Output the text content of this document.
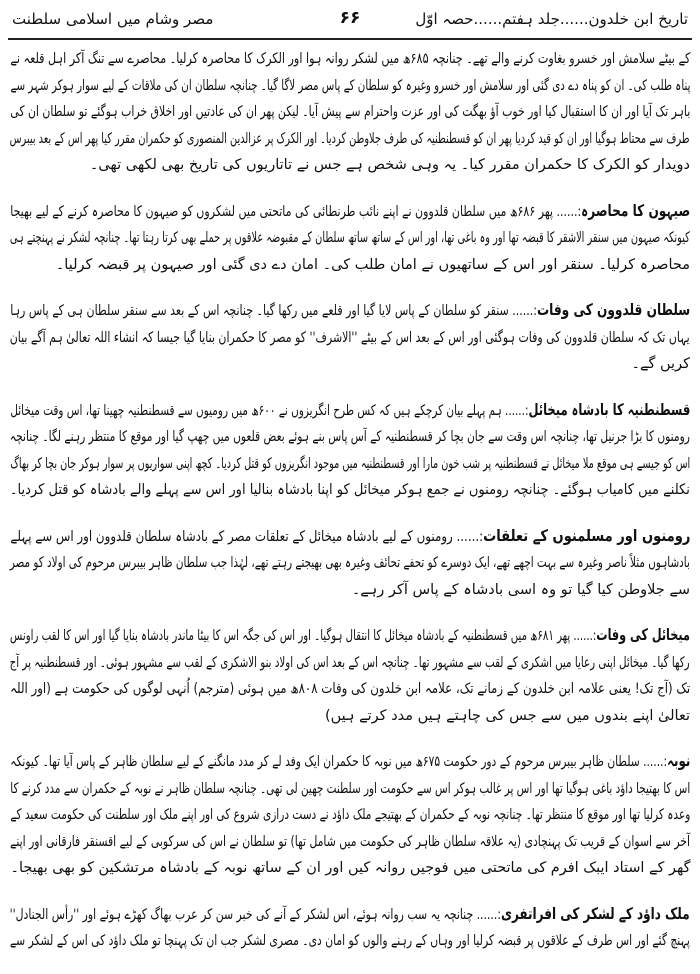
تاریخ ابن خلدون......جلد ہفتم......حصہ اوّل
۶۶
مصر وشام میں اسلامی سلطنت
کے بیٹے سلامش اور خسرو بغاوت کرنے والے تھے۔ چنانچہ ۶۸۵ھ میں لشکر روانہ ہوا اور الکرک کا محاصرہ کرلیا۔ محاصرے سے تنگ آکر اہل قلعہ نے
پناہ طلب کی۔ ان کو پناہ دے دی گئی اور سلامش اور خسرو وغیرہ کو سلطان کے پاس مصر لاگا گیا۔ چنانچہ سلطان ان کی ملاقات کے لیے سوار ہوکر شہر سے
باہر تک آیا اور ان کا استقبال کیا اور خوب آؤ بھگت کی اور عزت واحترام سے پیش آیا۔ لیکن پھر ان کی عادتیں اور اخلاق خراب ہوگئے تو سلطان ان کی
طرف سے محتاط ہوگیا اور ان کو قید کردیا پھر ان کو قسطنطنیہ کی طرف جلاوطن کردیا۔ اور الکرک پر عزالدین المنصوری کو حکمران مقرر کیا پھر اس کے بعد بیبرس
دویدار کو الکرک کا حکمران مقرر کیا۔ یہ وہی شخص ہے جس نے تاتاریوں کی تاریخ بھی لکھی تھی۔
صیہون کا محاصرہ:...... پھر ۶۸۶ھ میں سلطان قلدوون نے اپنے نائب طرنطائی کی ماتحتی میں لشکروں کو صیہون کا محاصرہ کرنے کے لیے بھیجا
کیونکہ صیہون میں سنقر الاشقر کا قبضہ تھا اور وہ باغی تھا، اور اس کے ساتھ ساتھ سلطان کے مقبوضہ علاقوں پر حملے بھی کرتا رہتا تھا۔ چنانچہ لشکر نے پہنچتے ہی
محاصرہ کرلیا۔ سنقر اور اس کے ساتھیوں نے امان طلب کی۔ امان دے دی گئی اور صیہون پر قبضہ کرلیا۔
سلطان قلدوون کی وفات:...... سنقر کو سلطان کے پاس لایا گیا اور قلعے میں رکھا گیا۔ چنانچہ اس کے بعد سے سنقر سلطان ہی کے پاس رہا
یہاں تک کہ سلطان قلدوون کی وفات ہوگئی اور اس کے بعد اس کے بیٹے ''الاشرف'' کو مصر کا حکمران بنایا گیا جیسا کہ انشاء اللہ تعالیٰ ہم آگے بیان
کریں گے۔
قسطنطنیہ کا بادشاہ میخائل:...... ہم پہلے بیان کرچکے ہیں کہ کس طرح انگریزوں نے ۶۰۰ھ میں رومیوں سے قسطنطنیہ چھینا تھا، اس وقت میخائل
رومنوں کا بڑا جرنیل تھا، چنانچہ اس وقت سے جان بچا کر قسطنطنیہ کے آس پاس بنے ہوئے بعض قلعوں میں چھپ گیا اور موقع کا منتظر رہنے لگا۔ چنانچہ
اس کو جیسے ہی موقع ملا میخائل نے قسطنطنیہ پر شب خون مارا اور قسطنطنیہ میں موجود انگریزوں کو قتل کردیا۔ کچھ اپنی سواریوں پر سوار ہوکر جان بچا کر بھاگ
نکلنے میں کامیاب ہوگئے۔ چنانچہ رومنوں نے جمع ہوکر میخائل کو اپنا بادشاہ بنالیا اور اس سے پہلے والے بادشاہ کو قتل کردیا۔
رومنوں اور مسلمنوں کے تعلقات:...... رومنوں کے لیے بادشاہ میخائل کے تعلقات مصر کے بادشاہ سلطان قلدوون اور اس سے پہلے
بادشاہوں مثلاً ناصر وغیرہ سے بہت اچھے تھے، ایک دوسرے کو تحفے تحائف وغیرہ بھی بھیجتے رہتے تھے، لہٰذا جب سلطان ظاہر بیبرس مرحوم کی اولاد کو مصر
سے جلاوطن کیا گیا تو وہ اسی بادشاہ کے پاس آکر رہے۔
میخائل کی وفات:...... پھر ۶۸۱ھ میں قسطنطنیہ کے بادشاہ میخائل کا انتقال ہوگیا۔ اور اس کی جگہ اس کا بیٹا ماندر بادشاہ بنایا گیا اور اس کا لقب راونس
رکھا گیا۔ میخائل اپنی رعایا میں اشکری کے لقب سے مشہور تھا۔ چنانچہ اس کے بعد اس کی اولاد بنو الاشکری کے لقب سے مشہور ہوئی۔ اور قسطنطنیہ پر آج
تک (آج تک! یعنی علامہ ابن خلدون کے زمانے تک، علامہ ابن خلدون کی وفات ۸۰۸ھ میں ہوئی (مترجم) اُنہی لوگوں کی حکومت ہے (اور اللہ
تعالیٰ اپنے بندوں میں سے جس کی چاہتے ہیں مدد کرتے ہیں)
نوبہ:...... سلطان ظاہر بیبرس مرحوم کے دور حکومت ۶۷۵ھ میں نوبہ کا حکمران ایک وفد لے کر مدد مانگنے کے لیے سلطان ظاہر کے پاس آیا تھا۔ کیونکہ
اس کا بھتیجا داؤد باغی ہوگیا تھا اور اس پر غالب ہوکر اس سے حکومت اور سلطنت چھین لی تھی۔ چنانچہ سلطان ظاہر نے نوبہ کے حکمران سے مدد کرنے کا
وعدہ کرلیا تھا اور موقع کا منتظر تھا۔ چنانچہ نوبہ کے حکمران کے بھتیجے ملک داؤد نے دست درازی شروع کی اور اپنے ملک اور سلطنت کی حکومت سعید کے
آخر سے اسوان کے قریب تک پہنچادی (یہ علاقہ سلطان ظاہر کی حکومت میں شامل تھا) تو سلطان نے اس کی سرکوبی کے لیے اقسنقر فارقانی اور اپنے
گھر کے استاد ایبک افرم کی ماتحتی میں فوجیں روانہ کیں اور ان کے ساتھ نوبہ کے بادشاہ مرتشکین کو بھی بھیجا۔
ملک داؤد کے لشکر کی افراتفری:...... چنانچہ یہ سب روانہ ہوئے، اس لشکر کے آنے کی خبر سن کر عرب بھاگ کھڑے ہوئے اور ''رأس الجنادل''
پہنچ گئے اور اس طرف کے علاقوں پر قبضہ کرلیا اور وہاں کے رہنے والوں کو امان دی۔ مصری لشکر جب ان تک پہنچا تو ملک داؤد کی اس کے لشکر سے
